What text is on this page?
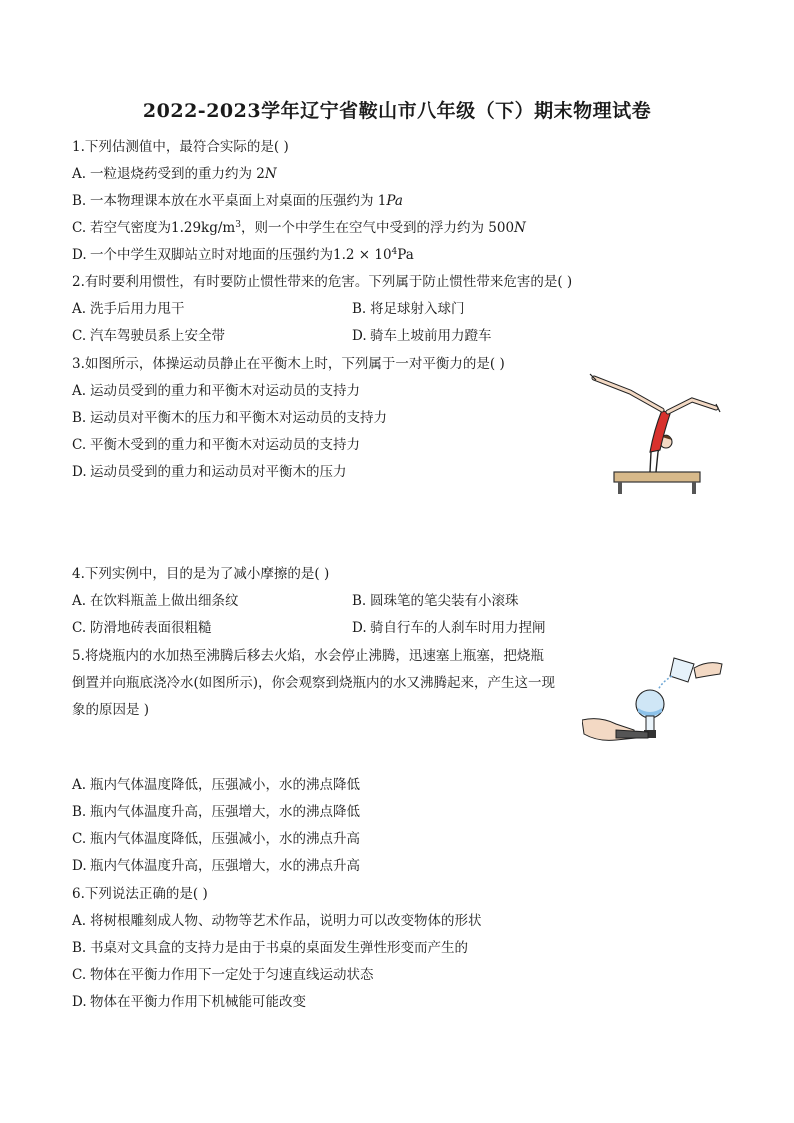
2022-2023学年辽宁省鞍山市八年级（下）期末物理试卷
1.下列估测值中，最符合实际的是( )
A. 一粒退烧药受到的重力约为 2N
B. 一本物理课本放在水平桌面上对桌面的压强约为 1Pa
C. 若空气密度为$1.29kg/m^3$，则一个中学生在空气中受到的浮力约为 500N
D. 一个中学生双脚站立时对地面的压强约为$1.2 \times 10^4Pa$
2.有时要利用惯性，有时要防止惯性带来的危害。下列属于防止惯性带来危害的是( )
A. 洗手后用力甩干	B. 将足球射入球门
C. 汽车驾驶员系上安全带	D. 骑车上坡前用力蹬车
3.如图所示，体操运动员静止在平衡木上时，下列属于一对平衡力的是( )
A. 运动员受到的重力和平衡木对运动员的支持力
B. 运动员对平衡木的压力和平衡木对运动员的支持力
C. 平衡木受到的重力和平衡木对运动员的支持力
D. 运动员受到的重力和运动员对平衡木的压力
4.下列实例中，目的是为了减小摩擦的是( )
A. 在饮料瓶盖上做出细条纹	B. 圆珠笔的笔尖装有小滚珠
C. 防滑地砖表面很粗糙	D. 骑自行车的人刹车时用力捏闸
5.将烧瓶内的水加热至沸腾后移去火焰，水会停止沸腾，迅速塞上瓶塞，把烧瓶
倒置并向瓶底浇冷水(如图所示)，你会观察到烧瓶内的水又沸腾起来，产生这一现
象的原因是 )
A. 瓶内气体温度降低，压强减小，水的沸点降低
B. 瓶内气体温度升高，压强增大，水的沸点降低
C. 瓶内气体温度降低，压强减小，水的沸点升高
D. 瓶内气体温度升高，压强增大，水的沸点升高
6.下列说法正确的是( )
A. 将树根雕刻成人物、动物等艺术作品，说明力可以改变物体的形状
B. 书桌对文具盒的支持力是由于书桌的桌面发生弹性形变而产生的
C. 物体在平衡力作用下一定处于匀速直线运动状态
D. 物体在平衡力作用下机械能可能改变
